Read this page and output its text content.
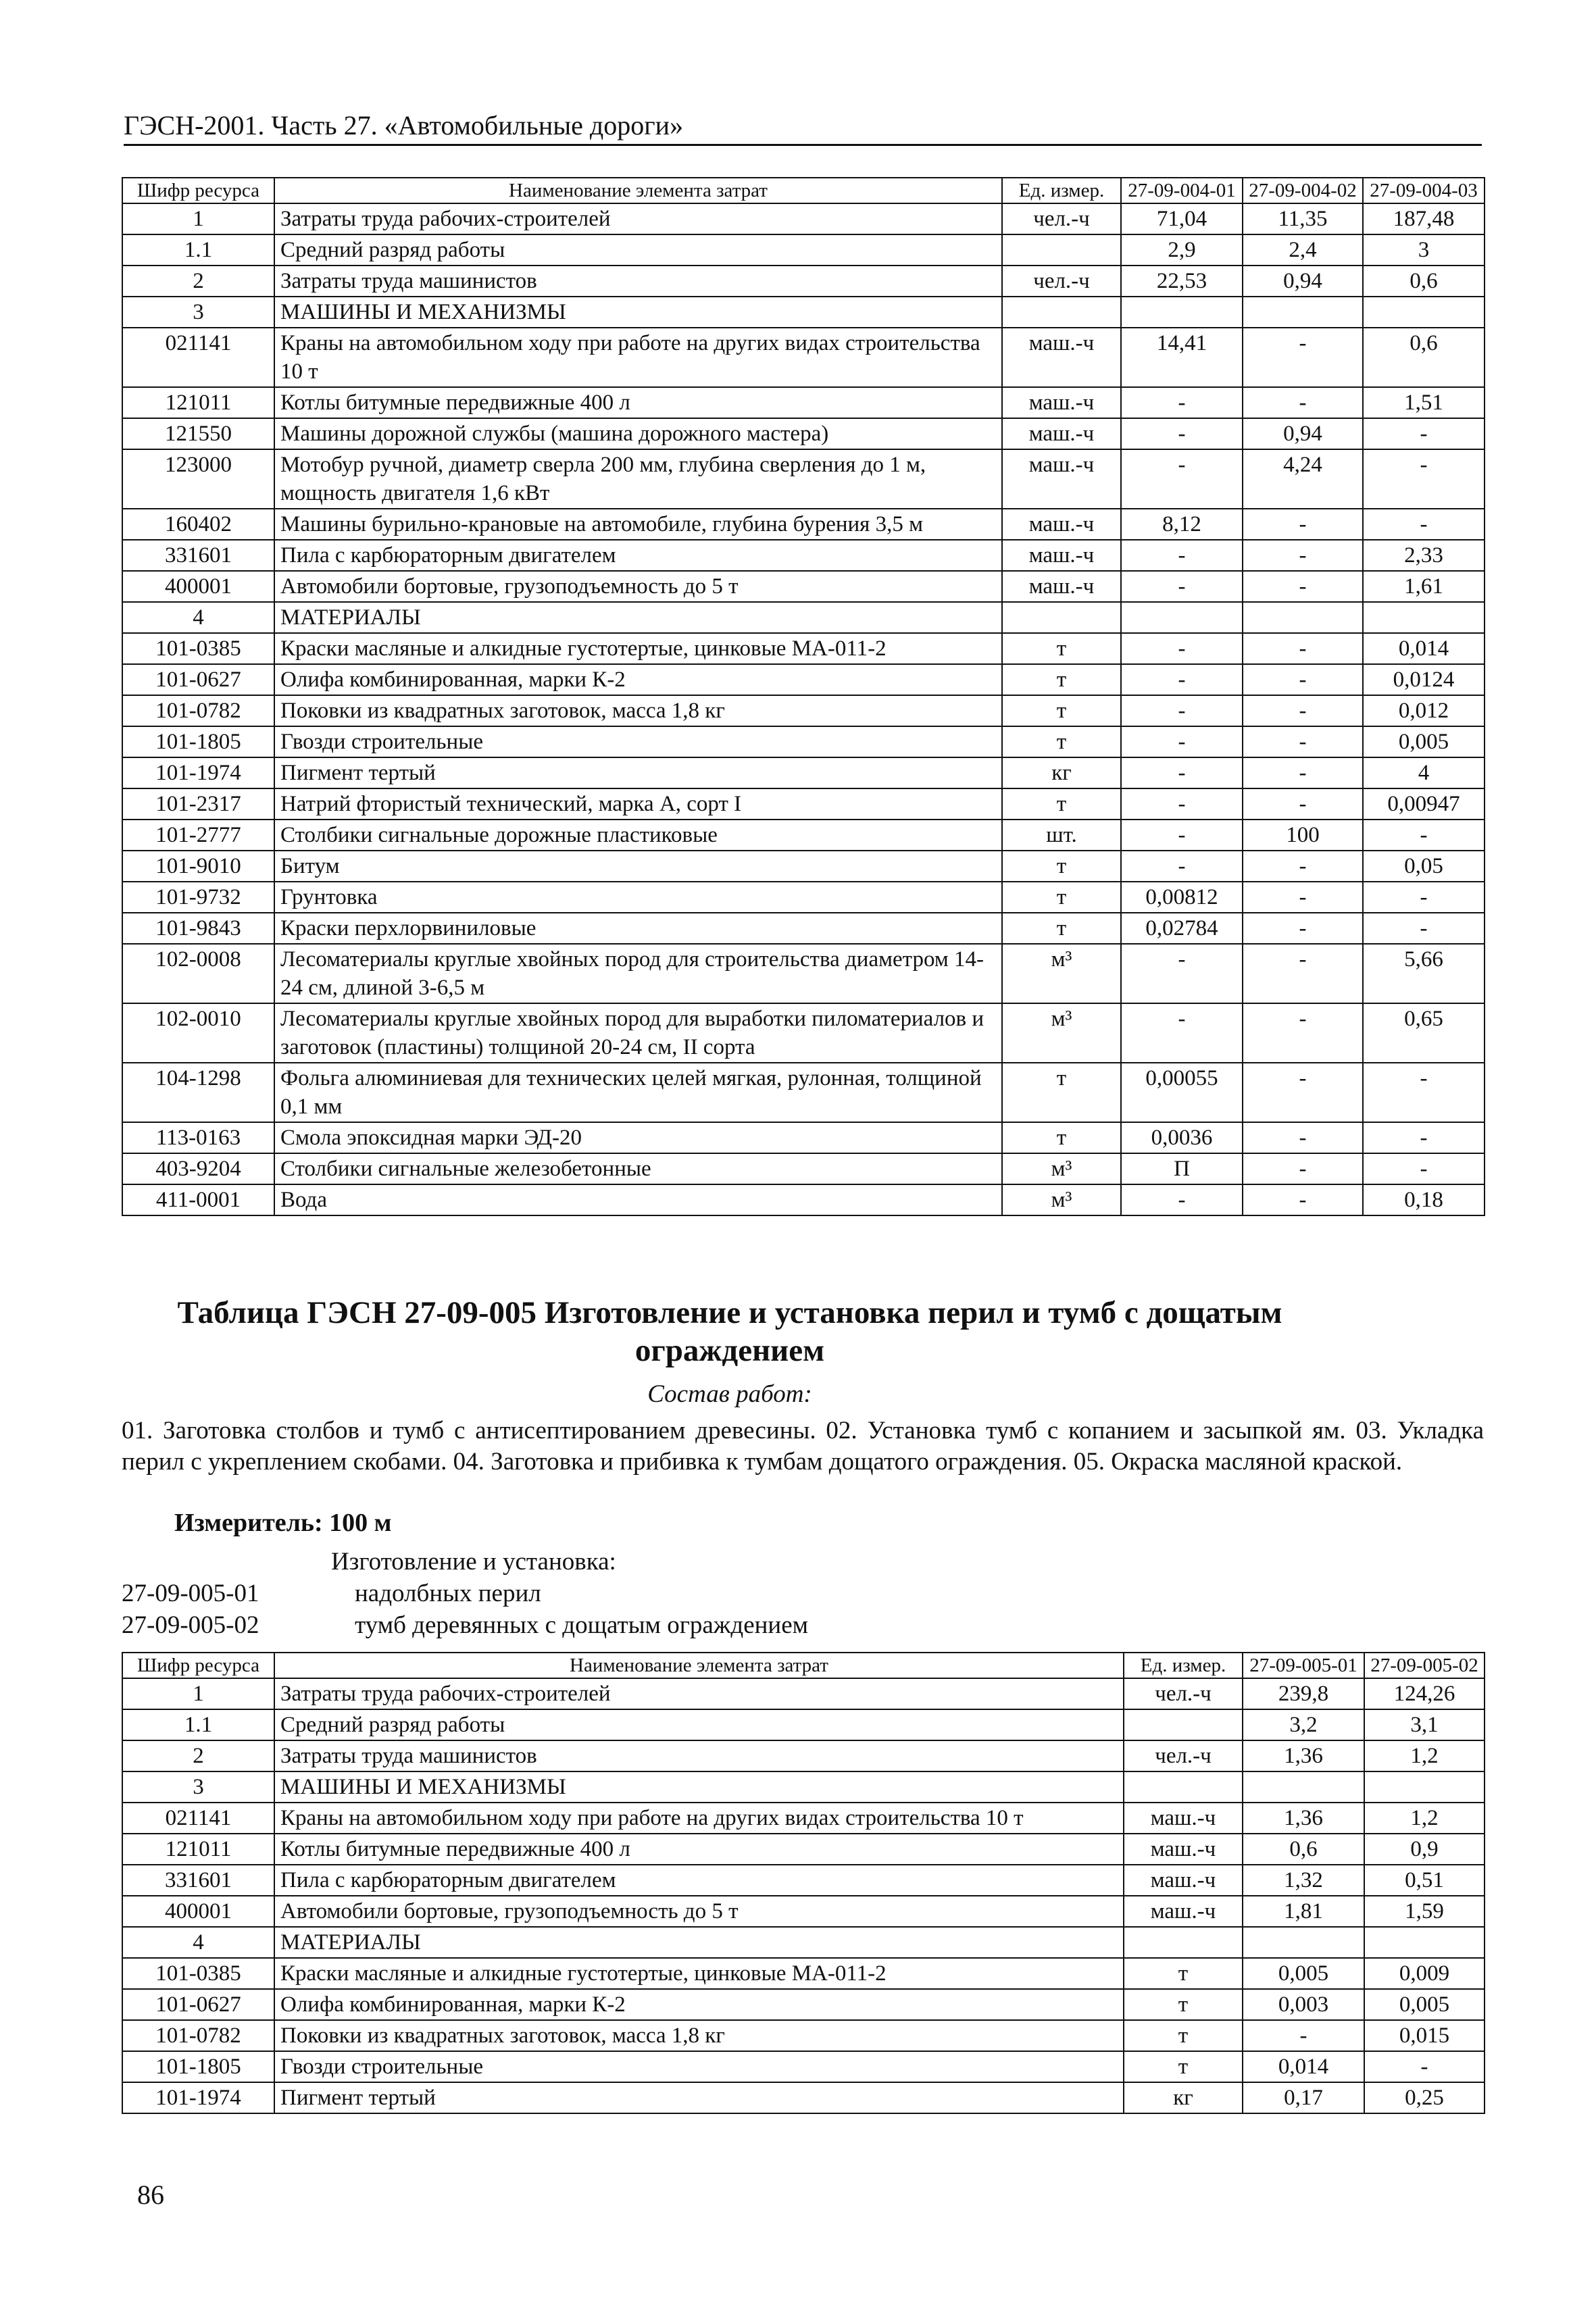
ГЭСН-2001. Часть 27. «Автомобильные дороги»
Шифр ресурса	Наименование элемента затрат	Ед. измер.	27-09-004-01	27-09-004-02	27-09-004-03
1	Затраты труда рабочих-строителей	чел.-ч	71,04	11,35	187,48
1.1	Средний разряд работы		2,9	2,4	3
2	Затраты труда машинистов	чел.-ч	22,53	0,94	0,6
3	МАШИНЫ И МЕХАНИЗМЫ				
021141	Краны на автомобильном ходу при работе на других видах строительства 10 т	маш.-ч	14,41	-	0,6
121011	Котлы битумные передвижные 400 л	маш.-ч	-	-	1,51
121550	Машины дорожной службы (машина дорожного мастера)	маш.-ч	-	0,94	-
123000	Мотобур ручной, диаметр сверла 200 мм, глубина сверления до 1 м, мощность двигателя 1,6 кВт	маш.-ч	-	4,24	-
160402	Машины бурильно-крановые на автомобиле, глубина бурения 3,5 м	маш.-ч	8,12	-	-
331601	Пила с карбюраторным двигателем	маш.-ч	-	-	2,33
400001	Автомобили бортовые, грузоподъемность до 5 т	маш.-ч	-	-	1,61
4	МАТЕРИАЛЫ				
101-0385	Краски масляные и алкидные густотертые, цинковые МА-011-2	т	-	-	0,014
101-0627	Олифа комбинированная, марки К-2	т	-	-	0,0124
101-0782	Поковки из квадратных заготовок, масса 1,8 кг	т	-	-	0,012
101-1805	Гвозди строительные	т	-	-	0,005
101-1974	Пигмент тертый	кг	-	-	4
101-2317	Натрий фтористый технический, марка А, сорт I	т	-	-	0,00947
101-2777	Столбики сигнальные дорожные пластиковые	шт.	-	100	-
101-9010	Битум	т	-	-	0,05
101-9732	Грунтовка	т	0,00812	-	-
101-9843	Краски перхлорвиниловые	т	0,02784	-	-
102-0008	Лесоматериалы круглые хвойных пород для строительства диаметром 14-24 см, длиной 3-6,5 м	м³	-	-	5,66
102-0010	Лесоматериалы круглые хвойных пород для выработки пиломатериалов и заготовок (пластины) толщиной 20-24 см, II сорта	м³	-	-	0,65
104-1298	Фольга алюминиевая для технических целей мягкая, рулонная, толщиной 0,1 мм	т	0,00055	-	-
113-0163	Смола эпоксидная марки ЭД-20	т	0,0036	-	-
403-9204	Столбики сигнальные железобетонные	м³	П	-	-
411-0001	Вода	м³	-	-	0,18
Таблица ГЭСН 27-09-005 Изготовление и установка перил и тумб с дощатым ограждением
Состав работ:
01. Заготовка столбов и тумб с антисептированием древесины. 02. Установка тумб с копанием и засыпкой ям. 03. Укладка перил с укреплением скобами. 04. Заготовка и прибивка к тумбам дощатого ограждения. 05. Окраска масляной краской.
Измеритель: 100 м
Изготовление и установка:
27-09-005-01	надолбных перил
27-09-005-02	тумб деревянных с дощатым ограждением
Шифр ресурса	Наименование элемента затрат	Ед. измер.	27-09-005-01	27-09-005-02
1	Затраты труда рабочих-строителей	чел.-ч	239,8	124,26
1.1	Средний разряд работы		3,2	3,1
2	Затраты труда машинистов	чел.-ч	1,36	1,2
3	МАШИНЫ И МЕХАНИЗМЫ			
021141	Краны на автомобильном ходу при работе на других видах строительства 10 т	маш.-ч	1,36	1,2
121011	Котлы битумные передвижные 400 л	маш.-ч	0,6	0,9
331601	Пила с карбюраторным двигателем	маш.-ч	1,32	0,51
400001	Автомобили бортовые, грузоподъемность до 5 т	маш.-ч	1,81	1,59
4	МАТЕРИАЛЫ			
101-0385	Краски масляные и алкидные густотертые, цинковые МА-011-2	т	0,005	0,009
101-0627	Олифа комбинированная, марки К-2	т	0,003	0,005
101-0782	Поковки из квадратных заготовок, масса 1,8 кг	т	-	0,015
101-1805	Гвозди строительные	т	0,014	-
101-1974	Пигмент тертый	кг	0,17	0,25
86
